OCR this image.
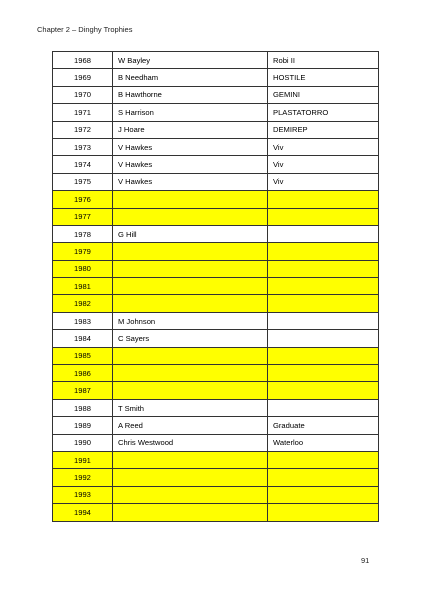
Chapter 2 – Dinghy Trophies
1968	W Bayley	Robi II
1969	B Needham	HOSTILE
1970	B Hawthorne	GEMINI
1971	S Harrison	PLASTATORRO
1972	J Hoare	DEMIREP
1973	V Hawkes	Viv
1974	V Hawkes	Viv
1975	V Hawkes	Viv
1976		
1977		
1978	G Hill	
1979		
1980		
1981		
1982		
1983	M Johnson	
1984	C Sayers	
1985		
1986		
1987		
1988	T Smith	
1989	A Reed	Graduate
1990	Chris Westwood	Waterloo
1991		
1992		
1993		
1994		
91
